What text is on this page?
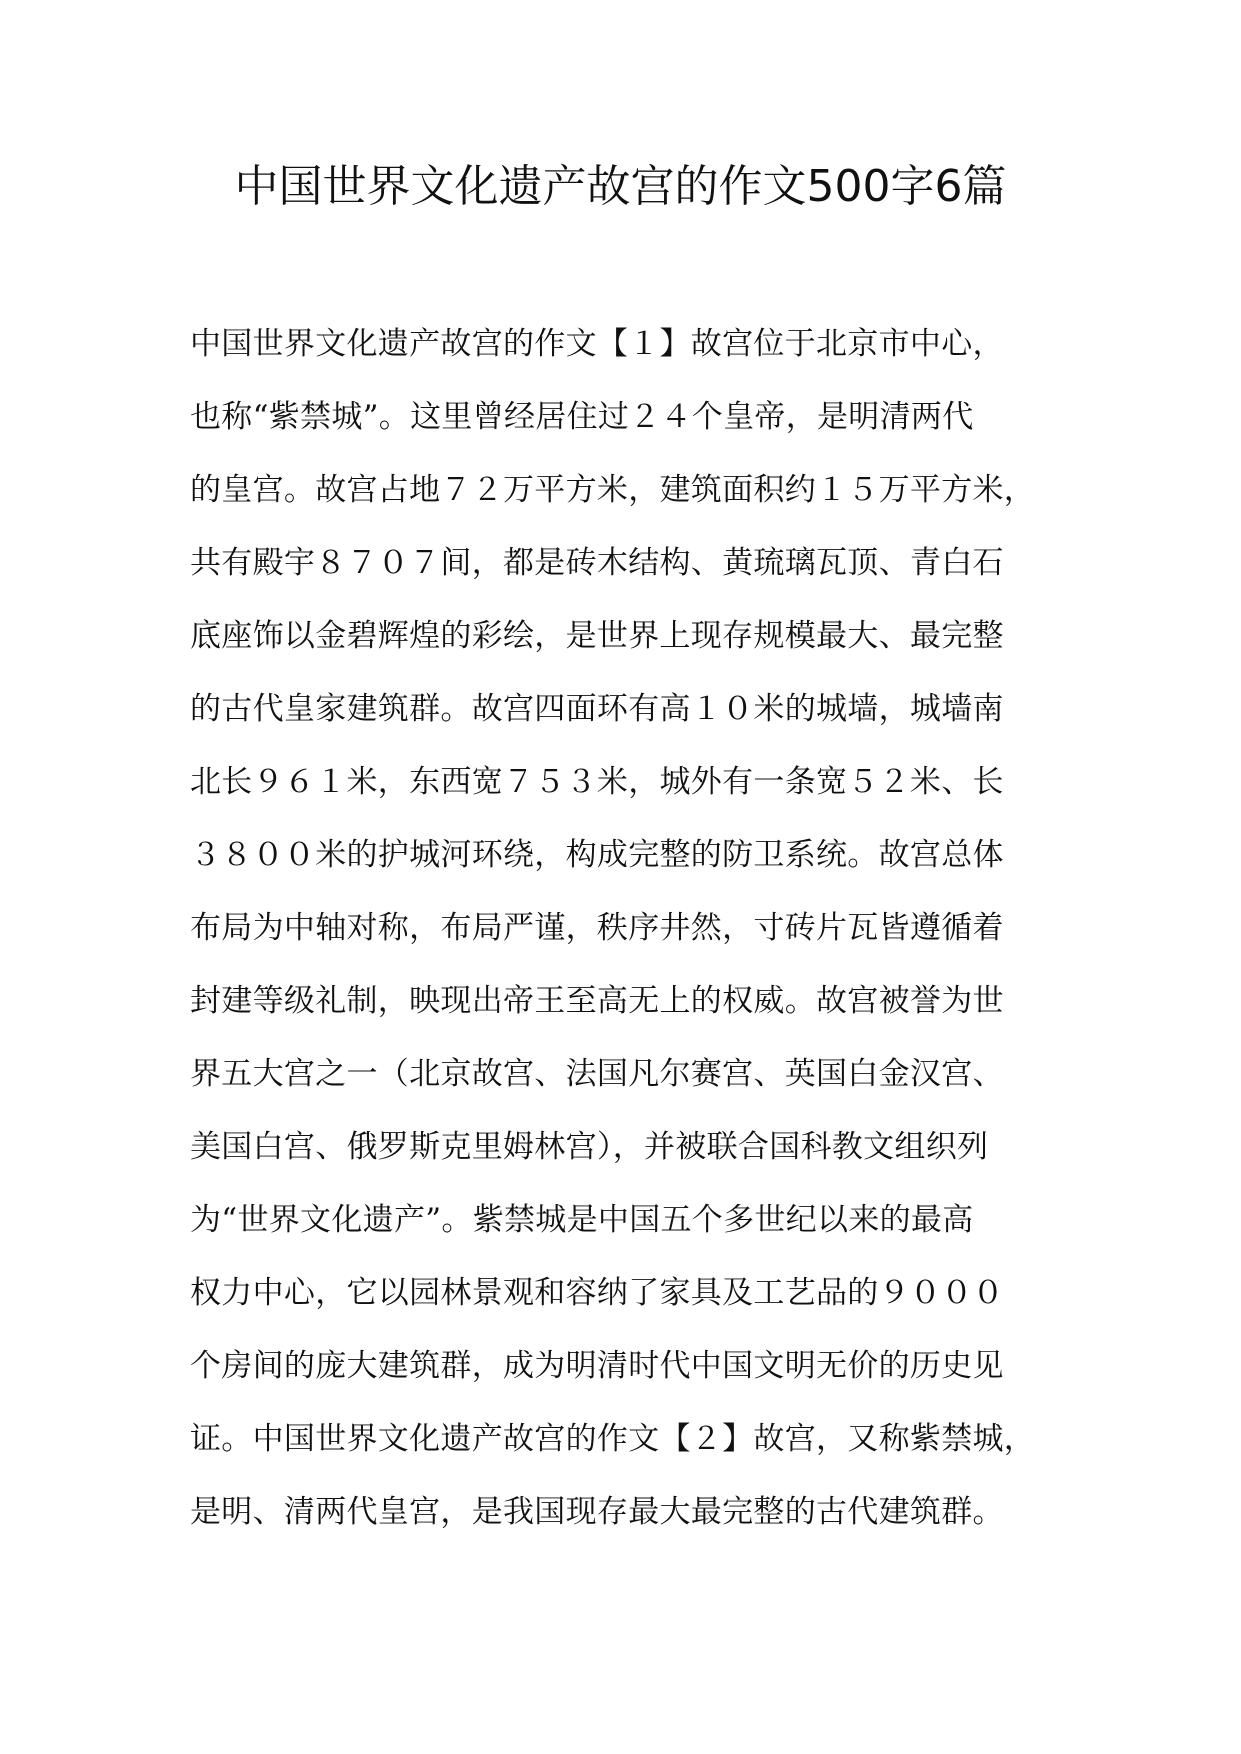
中国世界文化遗产故宫的作文500字6篇

中国世界文化遗产故宫的作文【１】故宫位于北京市中心，

也称“紫禁城”。这里曾经居住过２４个皇帝，是明清两代

的皇宫。故宫占地７２万平方米，建筑面积约１５万平方米，

共有殿宇８７０７间，都是砖木结构、黄琉璃瓦顶、青白石

底座饰以金碧辉煌的彩绘，是世界上现存规模最大、最完整

的古代皇家建筑群。故宫四面环有高１０米的城墙，城墙南

北长９６１米，东西宽７５３米，城外有一条宽５２米、长

３８００米的护城河环绕，构成完整的防卫系统。故宫总体

布局为中轴对称，布局严谨，秩序井然，寸砖片瓦皆遵循着

封建等级礼制，映现出帝王至高无上的权威。故宫被誉为世

界五大宫之一（北京故宫、法国凡尔赛宫、英国白金汉宫、

美国白宫、俄罗斯克里姆林宫），并被联合国科教文组织列

为“世界文化遗产”。紫禁城是中国五个多世纪以来的最高

权力中心，它以园林景观和容纳了家具及工艺品的９０００

个房间的庞大建筑群，成为明清时代中国文明无价的历史见

证。中国世界文化遗产故宫的作文【２】故宫，又称紫禁城，

是明、清两代皇宫，是我国现存最大最完整的古代建筑群。
